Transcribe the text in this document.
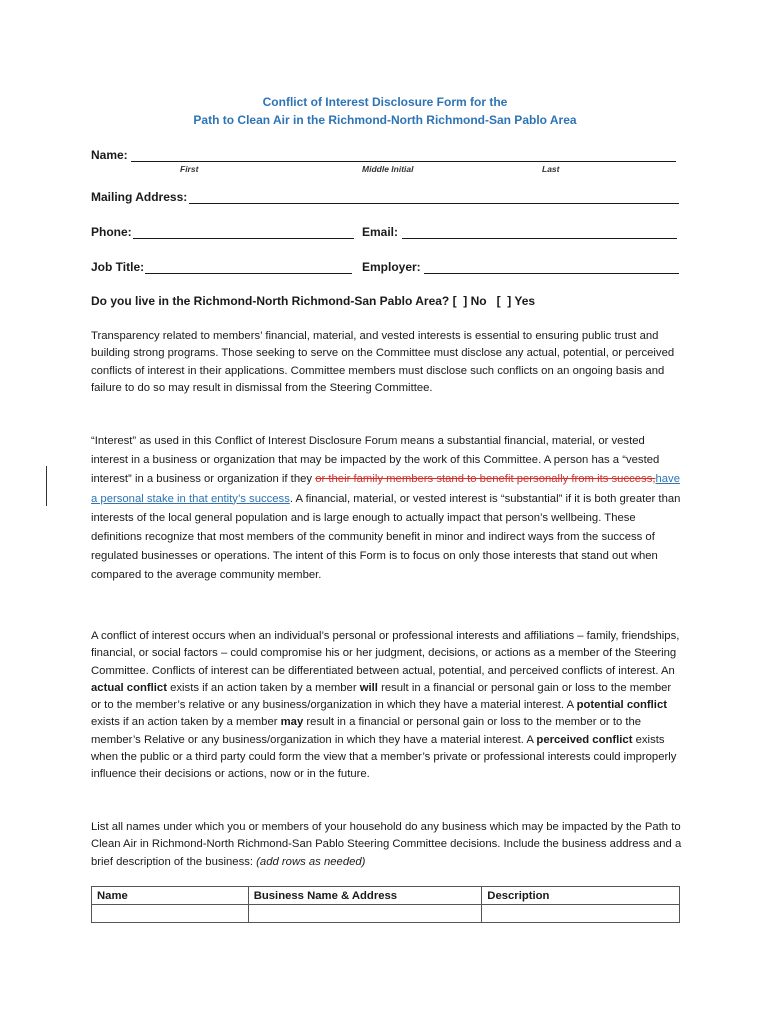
Conflict of Interest Disclosure Form for the
Path to Clean Air in the Richmond-North Richmond-San Pablo Area
Name:
First	Middle Initial	Last
Mailing Address:
Phone:	Email:
Job Title:	Employer:
Do you live in the Richmond-North Richmond-San Pablo Area? [  ] No   [  ] Yes

Transparency related to members’ financial, material, and vested interests is essential to ensuring public trust and building strong programs. Those seeking to serve on the Committee must disclose any actual, potential, or perceived conflicts of interest in their applications. Committee members must disclose such conflicts on an ongoing basis and failure to do so may result in dismissal from the Steering Committee.

“Interest” as used in this Conflict of Interest Disclosure Forum means a substantial financial, material, or vested interest in a business or organization that may be impacted by the work of this Committee. A person has a “vested interest” in a business or organization if they or their family members stand to benefit personally from its success,have a personal stake in that entity’s success. A financial, material, or vested interest is “substantial” if it is both greater than interests of the local general population and is large enough to actually impact that person’s wellbeing. These definitions recognize that most members of the community benefit in minor and indirect ways from the success of regulated businesses or operations. The intent of this Form is to focus on only those interests that stand out when compared to the average community member.

A conflict of interest occurs when an individual’s personal or professional interests and affiliations – family, friendships, financial, or social factors – could compromise his or her judgment, decisions, or actions as a member of the Steering Committee. Conflicts of interest can be differentiated between actual, potential, and perceived conflicts of interest. An actual conflict exists if an action taken by a member will result in a financial or personal gain or loss to the member or to the member’s relative or any business/organization in which they have a material interest. A potential conflict exists if an action taken by a member may result in a financial or personal gain or loss to the member or to the member’s Relative or any business/organization in which they have a material interest. A perceived conflict exists when the public or a third party could form the view that a member’s private or professional interests could improperly influence their decisions or actions, now or in the future.

List all names under which you or members of your household do any business which may be impacted by the Path to Clean Air in Richmond-North Richmond-San Pablo Steering Committee decisions. Include the business address and a brief description of the business: (add rows as needed)

Name	Business Name & Address	Description
